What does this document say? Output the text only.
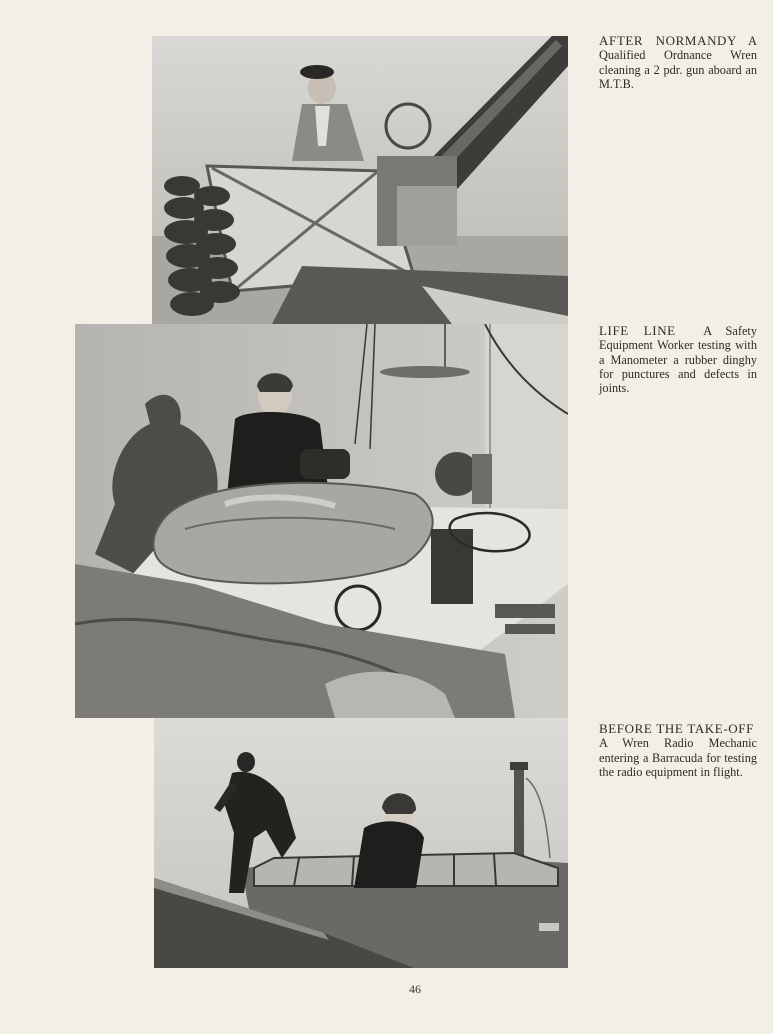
AFTER NORMANDY A Qualified Ordnance Wren cleaning a 2 pdr. gun aboard an M.T.B.
LIFE LINE A Safety Equipment Worker testing with a Manometer a rubber dinghy for punctures and defects in joints.
BEFORE THE TAKE-OFF  A Wren Radio Mechanic entering a Barracuda for testing the radio equipment in flight.
46
